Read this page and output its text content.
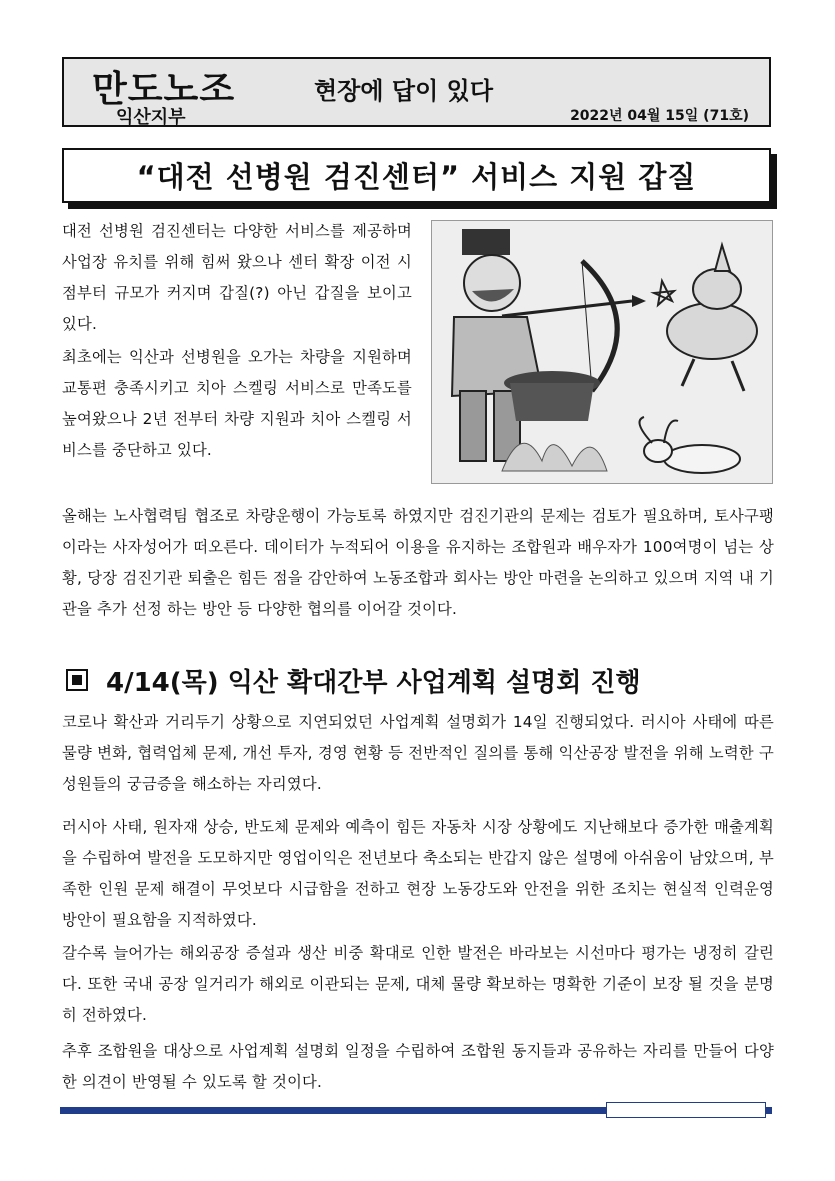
만도노조
익산지부
현장에 답이 있다
2022년 04월 15일 (71호)
“대전 선병원 검진센터” 서비스 지원 갑질
대전 선병원 검진센터는 다양한 서비스를 제공하며 사업장 유치를 위해 힘써 왔으나 센터 확장 이전 시점부터 규모가 커지며 갑질(?) 아닌 갑질을 보이고 있다.
최초에는 익산과 선병원을 오가는 차량을 지원하며 교통편 충족시키고 치아 스켈링 서비스로 만족도를 높여왔으나 2년 전부터 차량 지원과 치아 스켈링 서비스를 중단하고 있다.
올해는 노사협력팀 협조로 차량운행이 가능토록 하였지만 검진기관의 문제는 검토가 필요하며, 토사구팽이라는 사자성어가 떠오른다. 데이터가 누적되어 이용을 유지하는 조합원과 배우자가 100여명이 넘는 상황, 당장 검진기관 퇴출은 힘든 점을 감안하여 노동조합과 회사는 방안 마련을 논의하고 있으며 지역 내 기관을 추가 선정 하는 방안 등 다양한 협의를 이어갈 것이다.
4/14(목) 익산 확대간부 사업계획 설명회 진행
코로나 확산과 거리두기 상황으로 지연되었던 사업계획 설명회가 14일 진행되었다. 러시아 사태에 따른 물량 변화, 협력업체 문제, 개선 투자, 경영 현황 등 전반적인 질의를 통해 익산공장 발전을 위해 노력한 구성원들의 궁금증을 해소하는 자리였다.
러시아 사태, 원자재 상승, 반도체 문제와 예측이 힘든 자동차 시장 상황에도 지난해보다 증가한 매출계획을 수립하여 발전을 도모하지만 영업이익은 전년보다 축소되는 반갑지 않은 설명에 아쉬움이 남았으며, 부족한 인원 문제 해결이 무엇보다 시급함을 전하고 현장 노동강도와 안전을 위한 조치는 현실적 인력운영 방안이 필요함을 지적하였다.
갈수록 늘어가는 해외공장 증설과 생산 비중 확대로 인한 발전은 바라보는 시선마다 평가는 냉정히 갈린다. 또한 국내 공장 일거리가 해외로 이관되는 문제, 대체 물량 확보하는 명확한 기준이 보장 될 것을 분명히 전하였다.
추후 조합원을 대상으로 사업계획 설명회 일정을 수립하여 조합원 동지들과 공유하는 자리를 만들어 다양한 의견이 반영될 수 있도록 할 것이다.
